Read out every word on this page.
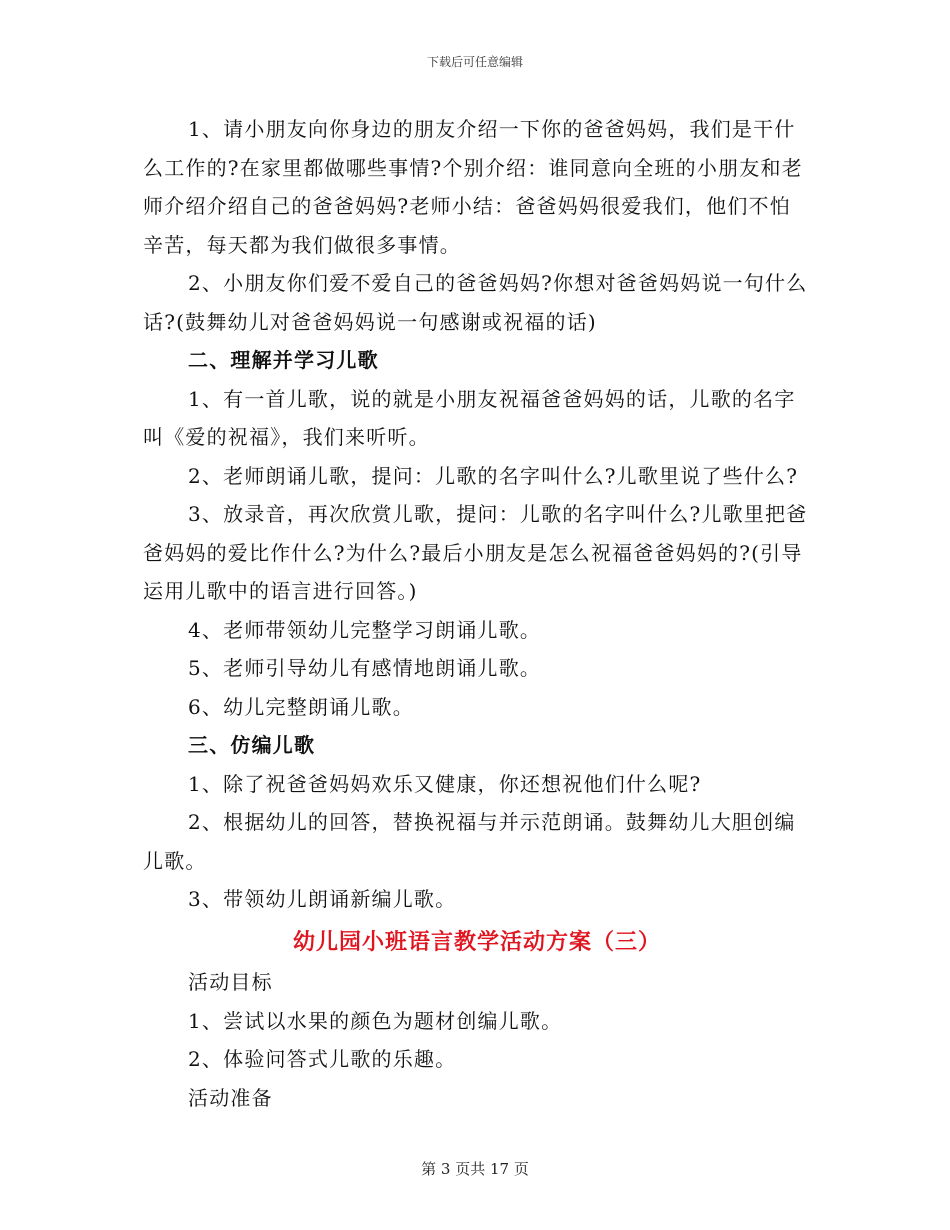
下载后可任意编辑

1、请小朋友向你身边的朋友介绍一下你的爸爸妈妈，我们是干什么工作的?在家里都做哪些事情?个别介绍：谁同意向全班的小朋友和老师介绍介绍自己的爸爸妈妈?老师小结：爸爸妈妈很爱我们，他们不怕辛苦，每天都为我们做很多事情。

2、小朋友你们爱不爱自己的爸爸妈妈?你想对爸爸妈妈说一句什么话?(鼓舞幼儿对爸爸妈妈说一句感谢或祝福的话)

二、理解并学习儿歌

1、有一首儿歌，说的就是小朋友祝福爸爸妈妈的话，儿歌的名字叫《爱的祝福》，我们来听听。

2、老师朗诵儿歌，提问：儿歌的名字叫什么?儿歌里说了些什么?

3、放录音，再次欣赏儿歌，提问：儿歌的名字叫什么?儿歌里把爸爸妈妈的爱比作什么?为什么?最后小朋友是怎么祝福爸爸妈妈的?(引导运用儿歌中的语言进行回答。)

4、老师带领幼儿完整学习朗诵儿歌。

5、老师引导幼儿有感情地朗诵儿歌。

6、幼儿完整朗诵儿歌。

三、仿编儿歌

1、除了祝爸爸妈妈欢乐又健康，你还想祝他们什么呢?

2、根据幼儿的回答，替换祝福与并示范朗诵。鼓舞幼儿大胆创编儿歌。

3、带领幼儿朗诵新编儿歌。

幼儿园小班语言教学活动方案（三）

活动目标

1、尝试以水果的颜色为题材创编儿歌。

2、体验问答式儿歌的乐趣。

活动准备

第 3 页共 17 页
